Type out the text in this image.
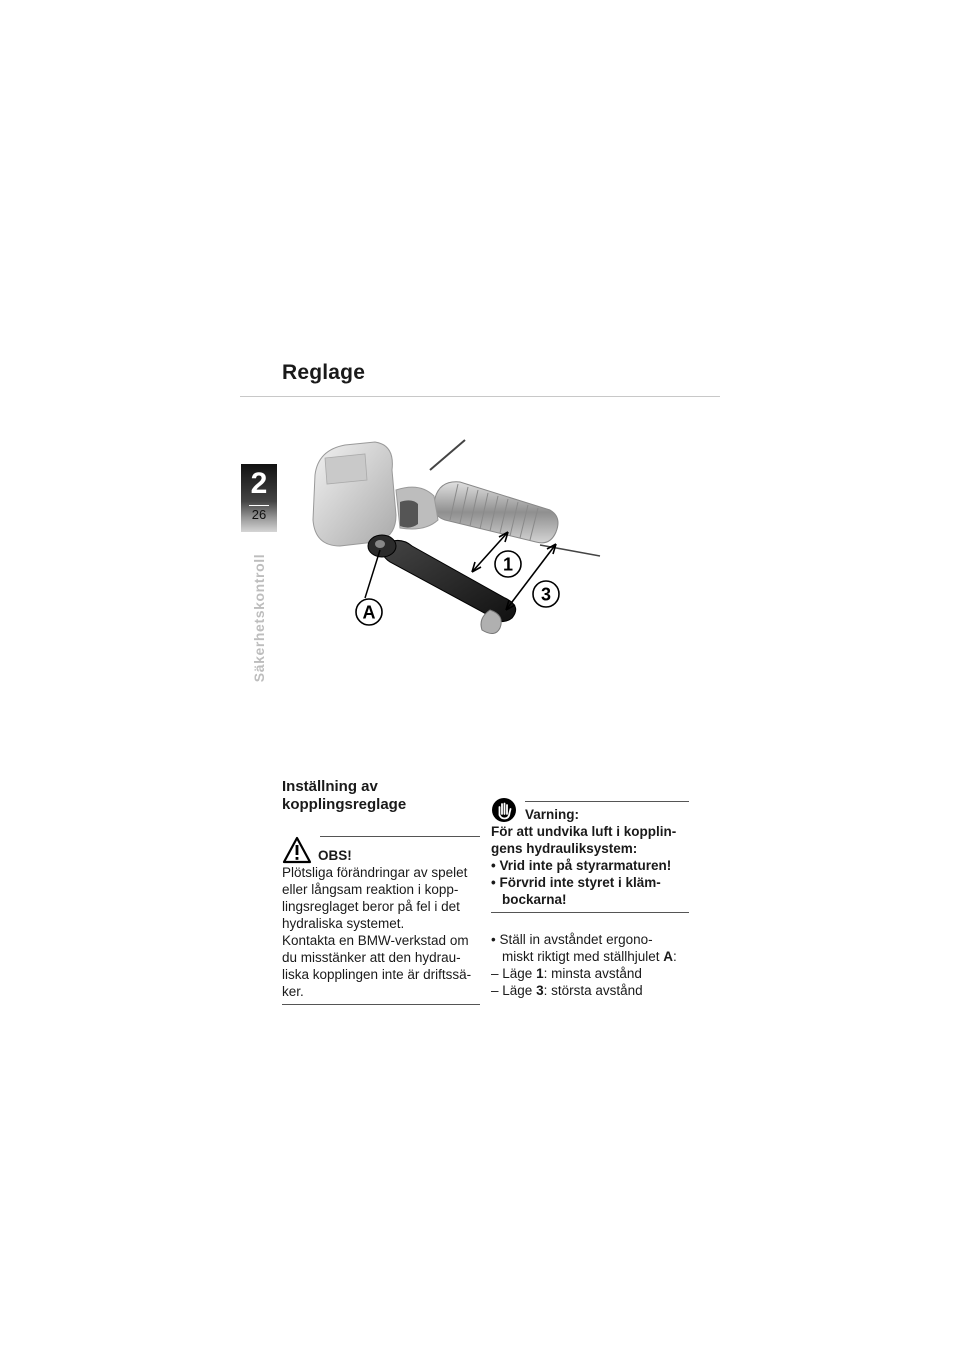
Reglage
2
26
Säkerhetskontroll	1
3
A
Inställning av kopplingsreglage
OBS!

Plötsliga förändringar av spelet

eller långsam reaktion i kopp-

lingsreglaget beror på fel i det

hydraliska systemet.

Kontakta en BMW-verkstad om

du misstänker att den hydrau-

liska kopplingen inte är driftssä-

ker.

Varning:

För att undvika luft i kopplin-

gens hydrauliksystem:

• Vrid inte på styrarmaturen!

• Förvrid inte styret i kläm-
bockarna!

• Ställ in avståndet ergono-
miskt riktigt med ställhjulet A:

– Läge 1: minsta avstånd

– Läge 3: största avstånd
